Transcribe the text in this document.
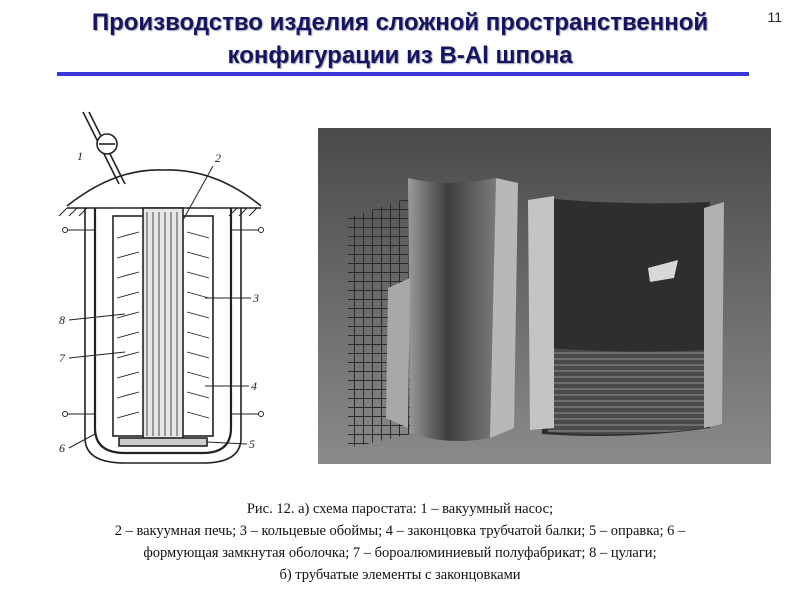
Производство изделия сложной пространственной
конфигурации из B-Al шпона
11
1	2
3
8
7
4
6	5
Рис. 12. а) схема паростата: 1 – вакуумный насос;
2 – вакуумная печь; 3 – кольцевые обоймы; 4 – законцовка трубчатой балки; 5 – оправка; 6 –
формующая замкнутая оболочка; 7 – бороалюминиевый полуфабрикат; 8 – цулаги;
б) трубчатые элементы с законцовками
